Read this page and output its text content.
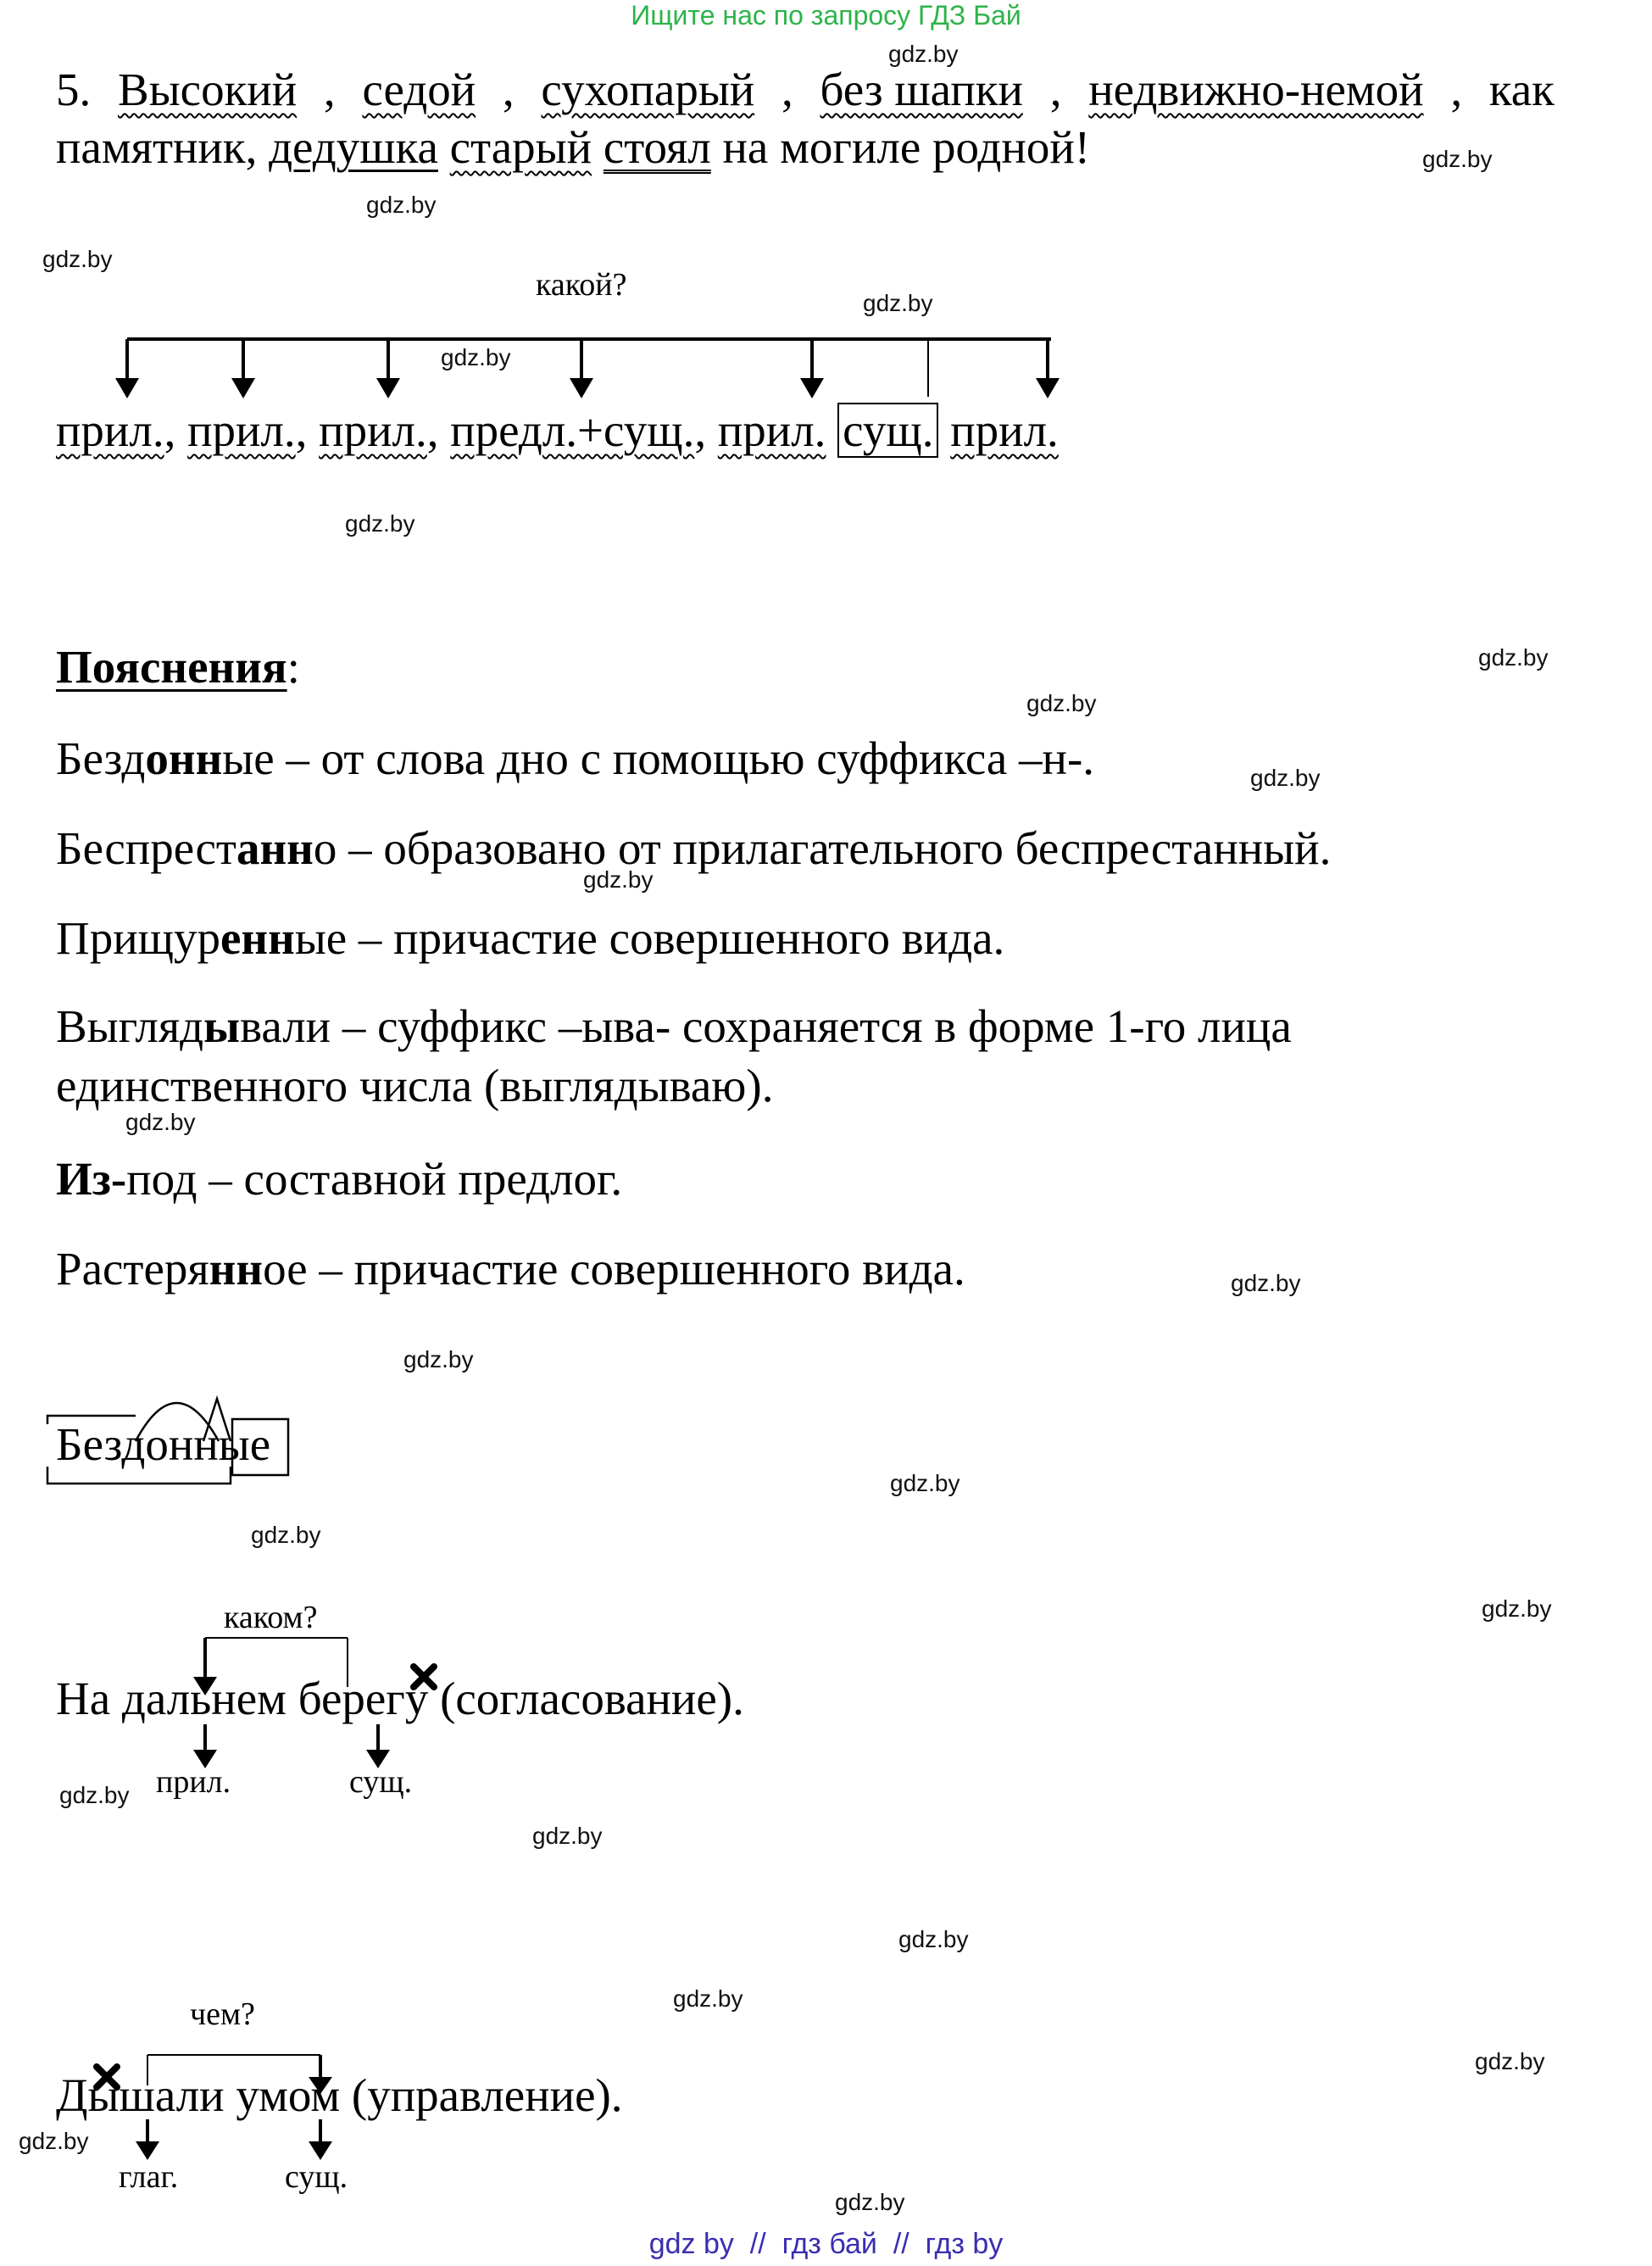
Ищите нас по запросу ГДЗ Бай
gdz.by
gdz.by
gdz.by
gdz.by
gdz.by
gdz.by
gdz.by
gdz.by
gdz.by
gdz.by
gdz.by
gdz.by
gdz.by
gdz.by
gdz.by
gdz.by
gdz.by
gdz.by
gdz.by
gdz.by
gdz.by
gdz.by
gdz.by
gdz.by
5. Высокий , седой , сухопарый , без шапки , недвижно-немой , как
памятник, дедушка старый стоял на могиле родной!
какой?
прил., прил., прил., предл.+сущ., прил. сущ. прил.
Пояснения:
Бездонные – от слова дно с помощью суффикса –н-.
Беспрестанно – образовано от прилагательного беспрестанный.
Прищуренные – причастие совершенного вида.
Выглядывали – суффикс –ыва- сохраняется в форме 1-го лица
единственного числа (выглядываю).
Из-под – составной предлог.
Растерянное – причастие совершенного вида.
Бездонные
каком?
На дальнем берегу (согласование).
прил.	сущ.
чем?
Дышали умом (управление).
глаг.	сущ.
gdz by  //  гдз бай  //  гдз by
